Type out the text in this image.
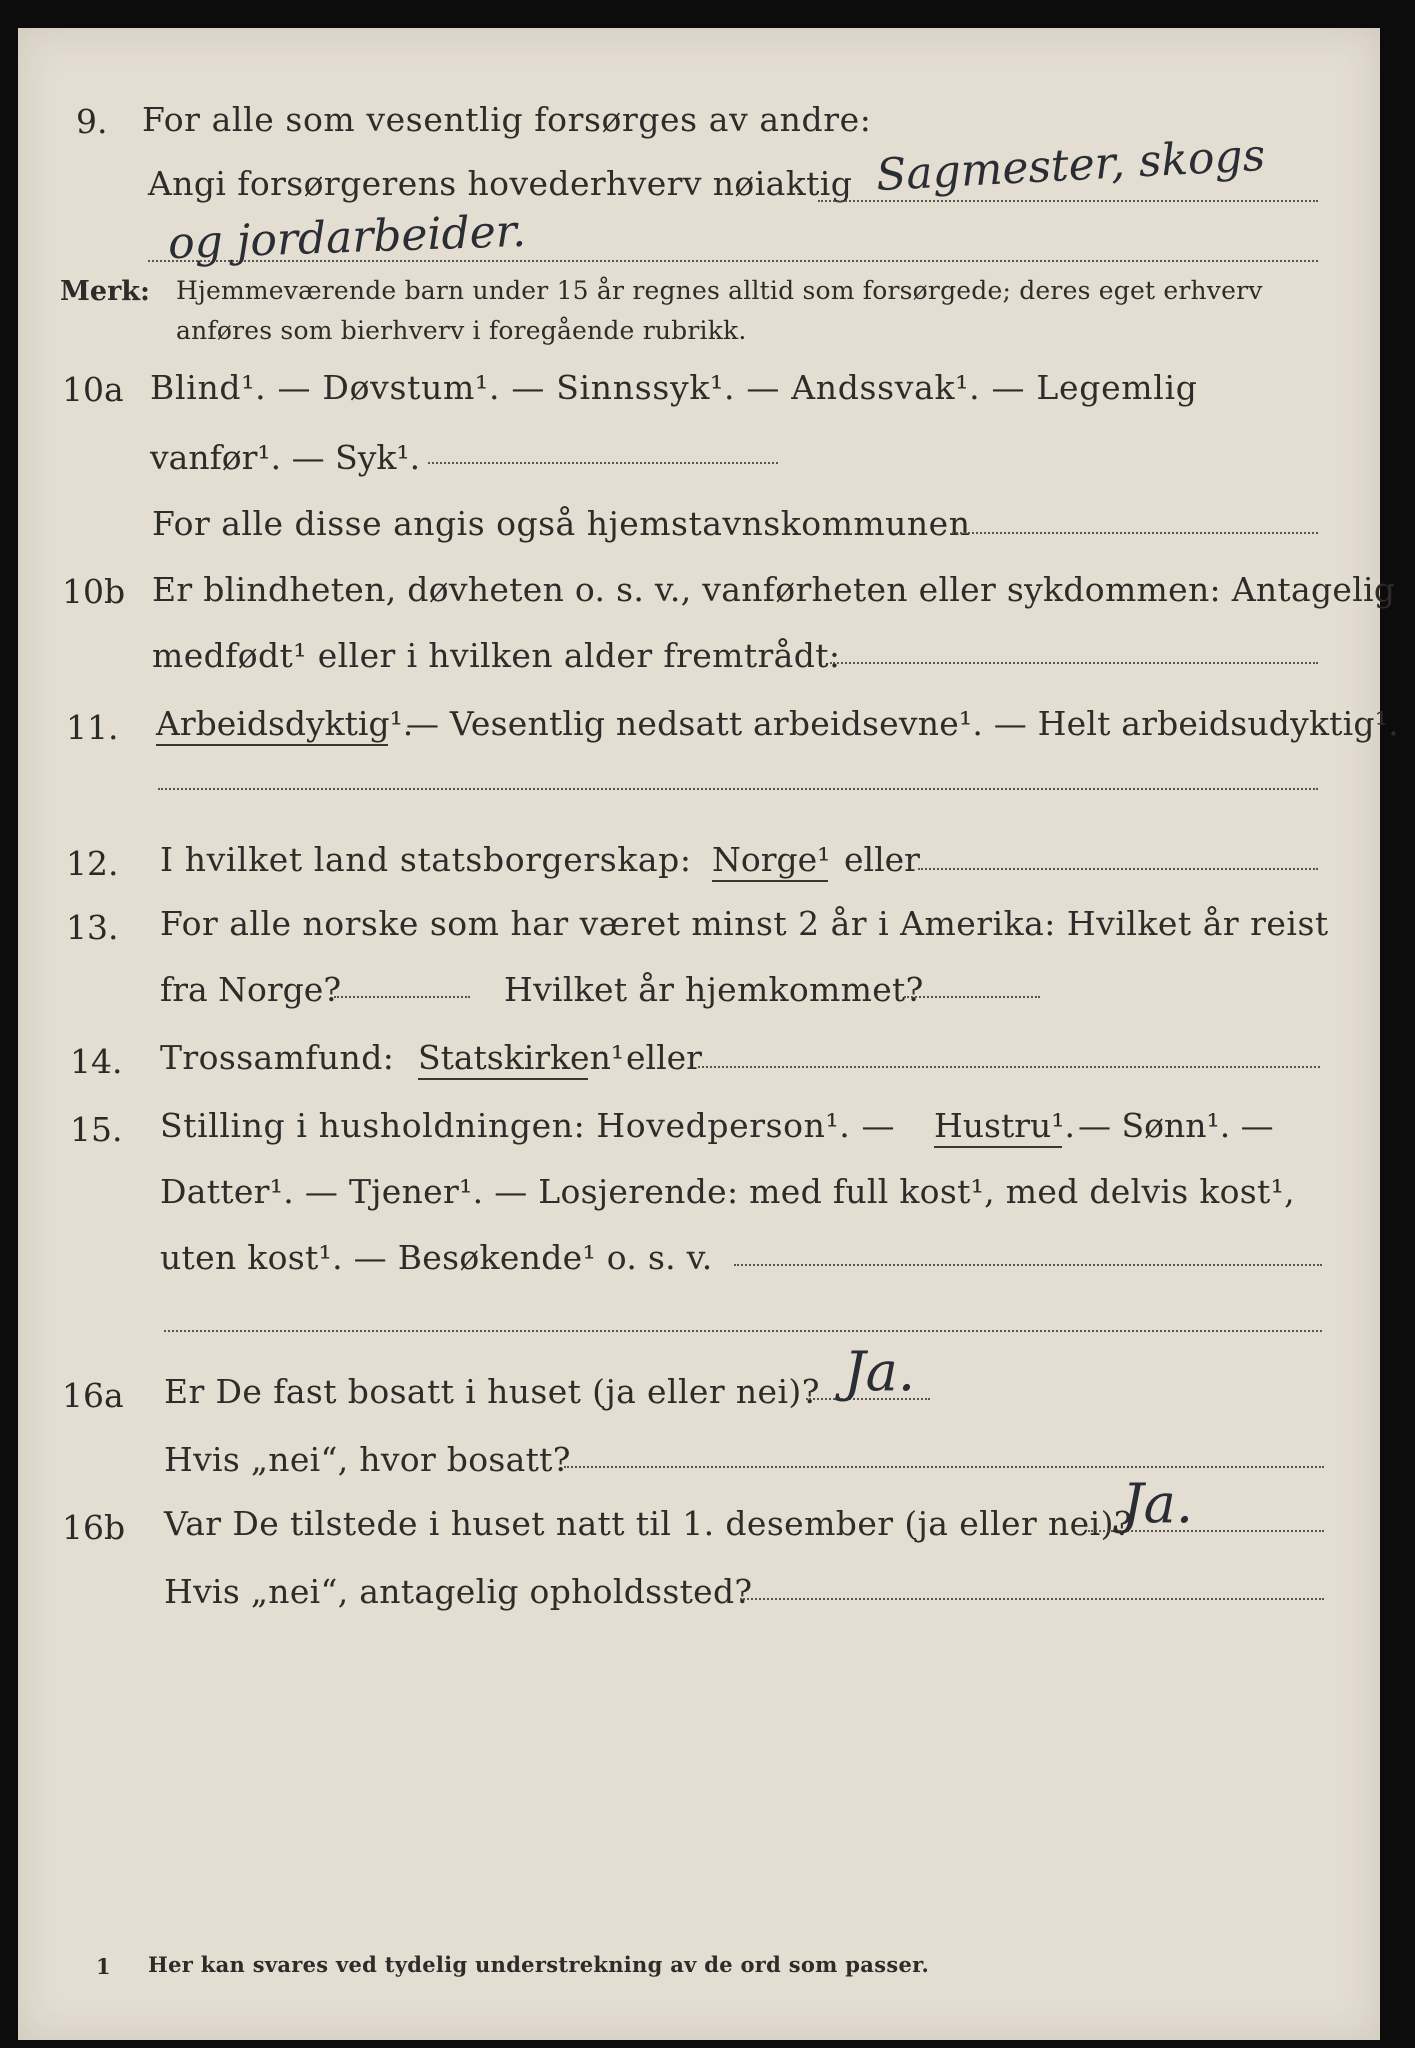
9. For alle som vesentlig forsørges av andre:
Angi forsørgerens hovederhverv nøiaktig Sagmester, skogs
og jordarbeider.
Merk: Hjemmeværende barn under 15 år regnes alltid som forsørgede; deres eget erhverv
anføres som bierhverv i foregående rubrikk.
10a Blind¹. — Døvstum¹. — Sinnssyk¹. — Andssvak¹. — Legemlig
vanfør¹. — Syk¹.
For alle disse angis også hjemstavnskommunen
10b Er blindheten, døvheten o. s. v., vanførheten eller sykdommen: Antagelig
medfødt¹ eller i hvilken alder fremtrådt:
11. Arbeidsdyktig¹.
— Vesentlig nedsatt arbeidsevne¹. — Helt arbeidsudyktig¹.
12. I hvilket land statsborgerskap: Norge¹ eller
13. For alle norske som har været minst 2 år i Amerika: Hvilket år reist
fra Norge?	Hvilket år hjemkommet?
14. Trossamfund: Statskirken¹ eller
15. Stilling i husholdningen: Hovedperson¹. — Hustru¹. — Sønn¹. —
Datter¹. — Tjener¹. — Losjerende: med full kost¹, med delvis kost¹,
uten kost¹. — Besøkende¹ o. s. v.
16a Er De fast bosatt i huset (ja eller nei)? Ja.
Hvis „nei“, hvor bosatt?
16b Var De tilstede i huset natt til 1. desember (ja eller nei)?
Ja.
Hvis „nei“, antagelig opholdssted?
1 Her kan svares ved tydelig understrekning av de ord som passer.
